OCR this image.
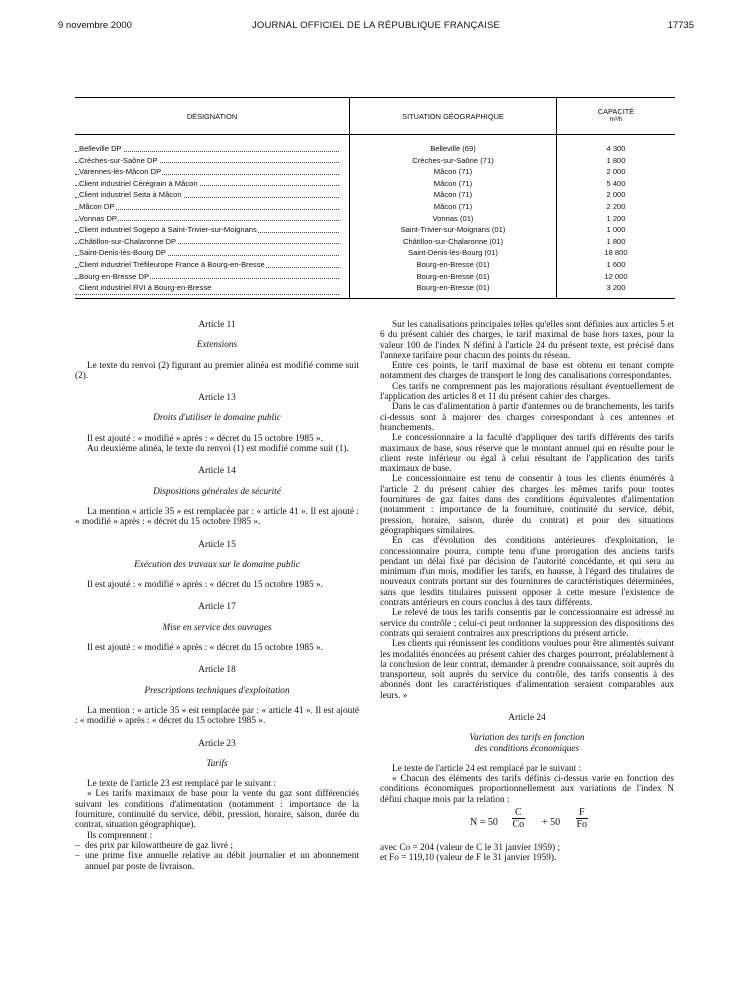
9 novembre 2000	JOURNAL OFFICIEL DE LA RÉPUBLIQUE FRANÇAISE	17735
DÉSIGNATION	SITUATION GÉOGRAPHIQUE	CAPACITÉ
m³/h

Belleville DP	Belleville (69)	4 300
Crèches-sur-Saône DP	Crèches-sur-Saône (71)	1 800
Varennes-lès-Mâcon DP	Mâcon (71)	2 000
Client industriel Cérégrain à Mâcon	Mâcon (71)	5 400
Client industriel Seita à Mâcon	Mâcon (71)	2 000
Mâcon DP	Mâcon (71)	2 200
Vonnas DP	Vonnas (01)	1 200
Client industriel Sogepo à Saint-Trivier-sur-Moignans	Saint-Trivier-sur-Moignans (01)	1 000
Châtillon-sur-Chalaronne DP	Châtillon-sur-Chalaronne (01)	1 800
Saint-Denis-lès-Bourg DP	Saint-Denis-lès-Bourg (01)	18 800
Client industriel Tréfileurope France à Bourg-en-Bresse	Bourg-en-Bresse (01)	1 600
Bourg-en-Bresse DP	Bourg-en-Bresse (01)	12 000
Client industriel RVI à Bourg-en-Bresse	Bourg-en-Bresse (01)	3 200

Article 11

Extensions

Le texte du renvoi (2) figurant au premier alinéa est modifié comme suit (2).

Article 13

Droits d'utiliser le domaine public

Il est ajouté : « modifié » après : « décret du 15 octobre 1985 ».

Au deuxième alinéa, le texte du renvoi (1) est modifié comme suit (1).

Article 14

Dispositions générales de sécurité

La mention « article 35 » est remplacée par : « article 41 ». Il est ajouté : « modifié » après : « décret du 15 octobre 1985 ».

Article 15

Exécution des travaux sur le domaine public

Il est ajouté : « modifié » après : « décret du 15 octobre 1985 ».

Article 17

Mise en service des ouvrages

Il est ajouté : « modifié » après : « décret du 15 octobre 1985 ».

Article 18

Prescriptions techniques d'exploitation

La mention : « article 35 » est remplacée par : « article 41 ». Il est ajouté : « modifié » après : « décret du 15 octobre 1985 ».

Article 23

Tarifs

Le texte de l'article 23 est remplacé par le suivant :

« Les tarifs maximaux de base pour la vente du gaz sont différenciés suivant les conditions d'alimentation (notamment : importance de la fourniture, continuité du service, débit, pression, horaire, saison, durée du contrat, situation géographique).

Ils comprennent :

– des prix par kilowattheure de gaz livré ;

– une prime fixe annuelle relative au débit journalier et un abonnement annuel par poste de livraison.

Sur les canalisations principales telles qu'elles sont définies aux articles 5 et 6 du présent cahier des charges, le tarif maximal de base hors taxes, pour la valeur 100 de l'index N défini à l'article 24 du présent texte, est précisé dans l'annexe tarifaire pour chacun des points du réseau.

Entre ces points, le tarif maximal de base est obtenu en tenant compte notamment des charges de transport le long des canalisations correspondantes.

Ces tarifs ne comprennent pas les majorations résultant éventuellement de l'application des articles 8 et 11 du présent cahier des charges.

Dans le cas d'alimentation à partir d'antennes ou de branchements, les tarifs ci-dessus sont à majorer des charges correspondant à ces antennes et branchements.

Le concessionnaire a la faculté d'appliquer des tarifs différents des tarifs maximaux de base, sous réserve que le montant annuel qui en résulte pour le client reste inférieur ou égal à celui résultant de l'application des tarifs maximaux de base.

Le concessionnaire est tenu de consentir à tous les clients énumérés à l'article 2 du présent cahier des charges les mêmes tarifs pour toutes fournitures de gaz faites dans des conditions équivalentes d'alimentation (notamment : importance de la fourniture, continuité du service, débit, pression, horaire, saison, durée du contrat) et pour des situations géographiques similaires.

En cas d'évolution des conditions antérieures d'exploitation, le concessionnaire pourra, compte tenu d'une prorogation des anciens tarifs pendant un délai fixé par décision de l'autorité concédante, et qui sera au minimum d'un mois, modifier les tarifs, en hausse, à l'égard des titulaires de nouveaux contrats portant sur des fournitures de caractéristiques déterminées, sans que lesdits titulaires puissent opposer à cette mesure l'existence de contrats antérieurs en cours conclus à des taux différents.

Le relevé de tous les tarifs consentis par le concessionnaire est adressé au service du contrôle ; celui-ci peut ordonner la suppression des dispositions des contrats qui seraient contraires aux prescriptions du présent article.

Les clients qui réunissent les conditions voulues pour être alimentés suivant les modalités énoncées au présent cahier des charges pourront, préalablement à la conclusion de leur contrat, demander à prendre connaissance, soit auprès du transporteur, soit auprès du service du contrôle, des tarifs consentis à des abonnés dont les caractéristiques d'alimentation seraient comparables aux leurs. »

Article 24

Variation des tarifs en fonction

des conditions économiques

Le texte de l'article 24 est remplacé par le suivant :

« Chacun des éléments des tarifs définis ci-dessus varie en fonction des conditions économiques proportionnellement aux variations de l'index N défini chaque mois par la relation :

$N = 50 \frac{C}{Co} + 50 \frac{F}{Fo}$

avec Co = 204 (valeur de C le 31 janvier 1959) ;

et Fo = 119,10 (valeur de F le 31 janvier 1959).
